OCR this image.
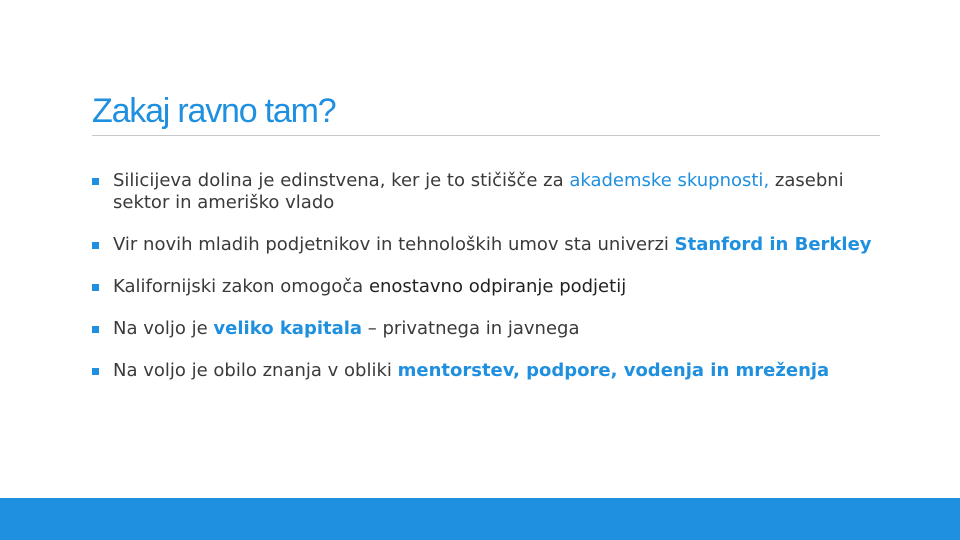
Zakaj ravno tam?
Silicijeva dolina je edinstvena, ker je to stičišče za akademske skupnosti, zasebni sektor in ameriško vlado
Vir novih mladih podjetnikov in tehnoloških umov sta univerzi Stanford in Berkley
Kalifornijski zakon omogoča enostavno odpiranje podjetij
Na voljo je veliko kapitala – privatnega in javnega
Na voljo je obilo znanja v obliki mentorstev, podpore, vodenja in mreženja
